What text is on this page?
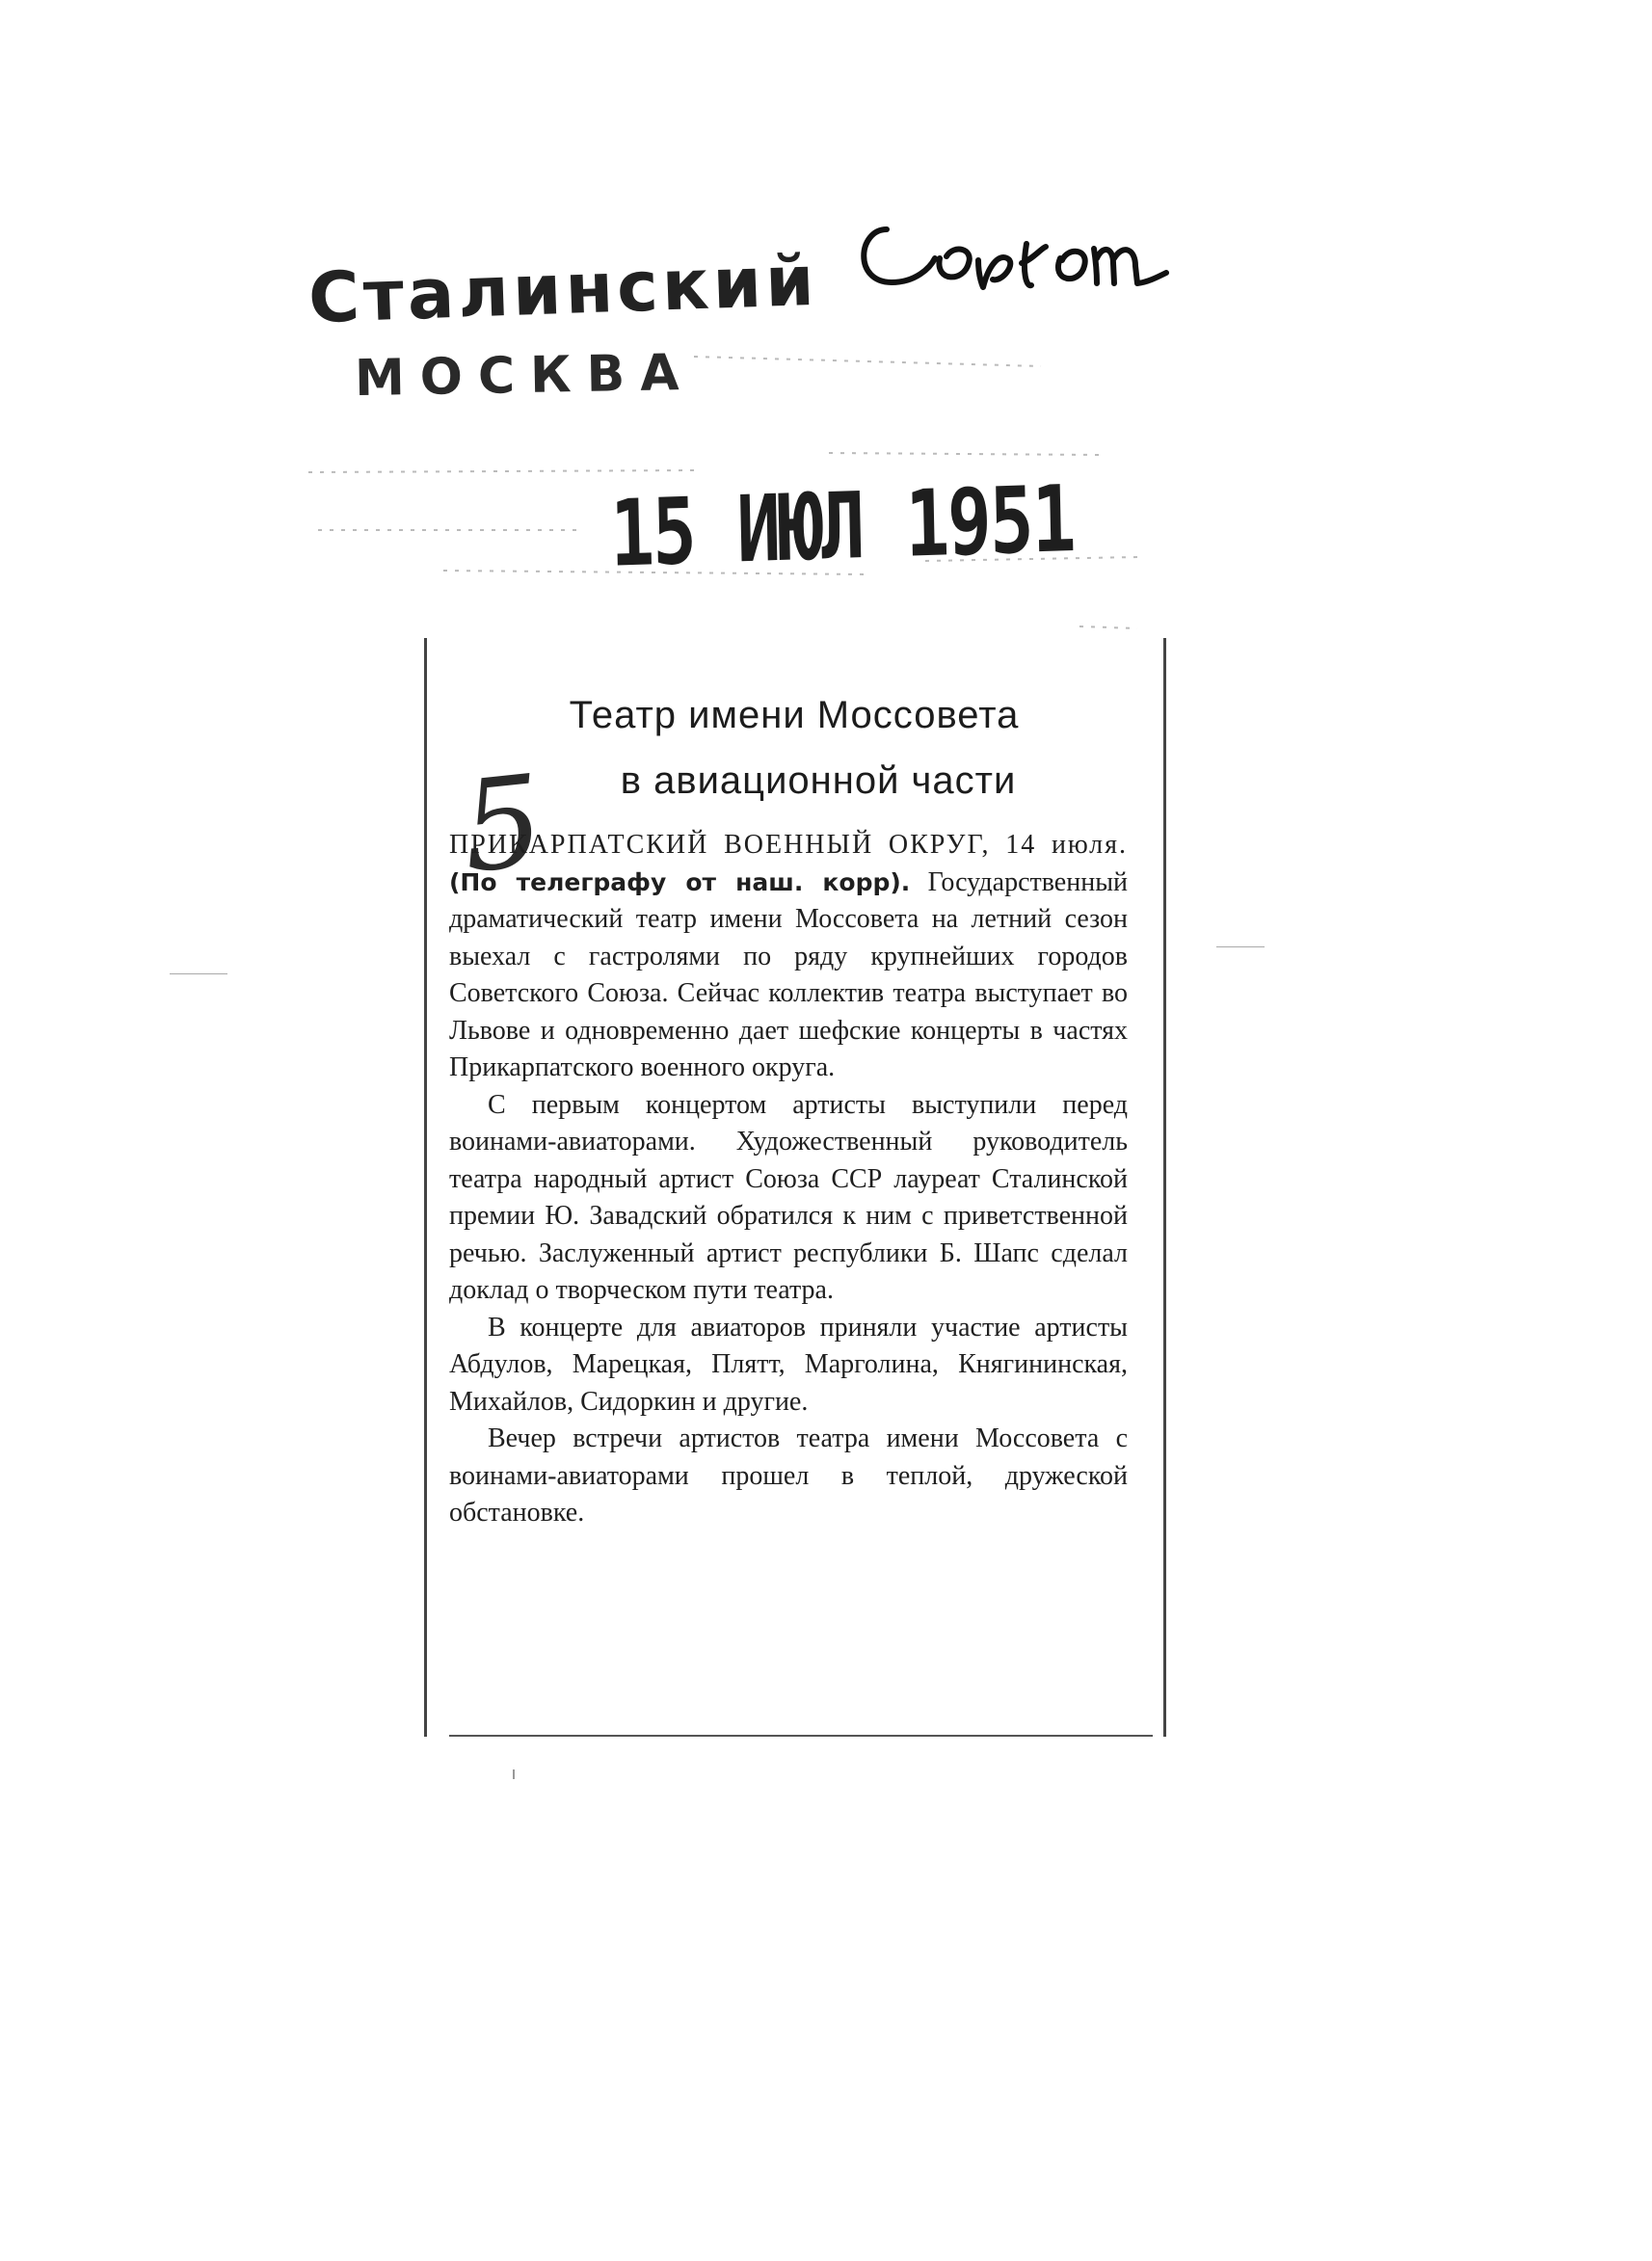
Сталинский
МОСКВА
15 ИЮЛ 1951
5
Театр имени Моссовета
в авиационной части

ПРИКАРПАТСКИЙ ВОЕННЫЙ ОКРУГ, 14 июля. (По телеграфу от наш. корр). Государственный драматический театр имени Моссовета на летний сезон выехал с гастролями по ряду крупнейших городов Советского Союза. Сейчас коллектив театра выступает во Львове и одновременно дает шефские концерты в частях Прикарпатского военного округа.

С первым концертом артисты выступили перед воинами-авиаторами. Художественный руководитель театра народный артист Союза ССР лауреат Сталинской премии Ю. Завадский обратился к ним с приветственной речью. Заслуженный артист республики Б. Шапс сделал доклад о творческом пути театра.

В концерте для авиаторов приняли участие артисты Абдулов, Марецкая, Плятт, Марголина, Княгининская, Михайлов, Сидоркин и другие.

Вечер встречи артистов театра имени Моссовета с воинами-авиаторами прошел в теплой, дружеской обстановке.
